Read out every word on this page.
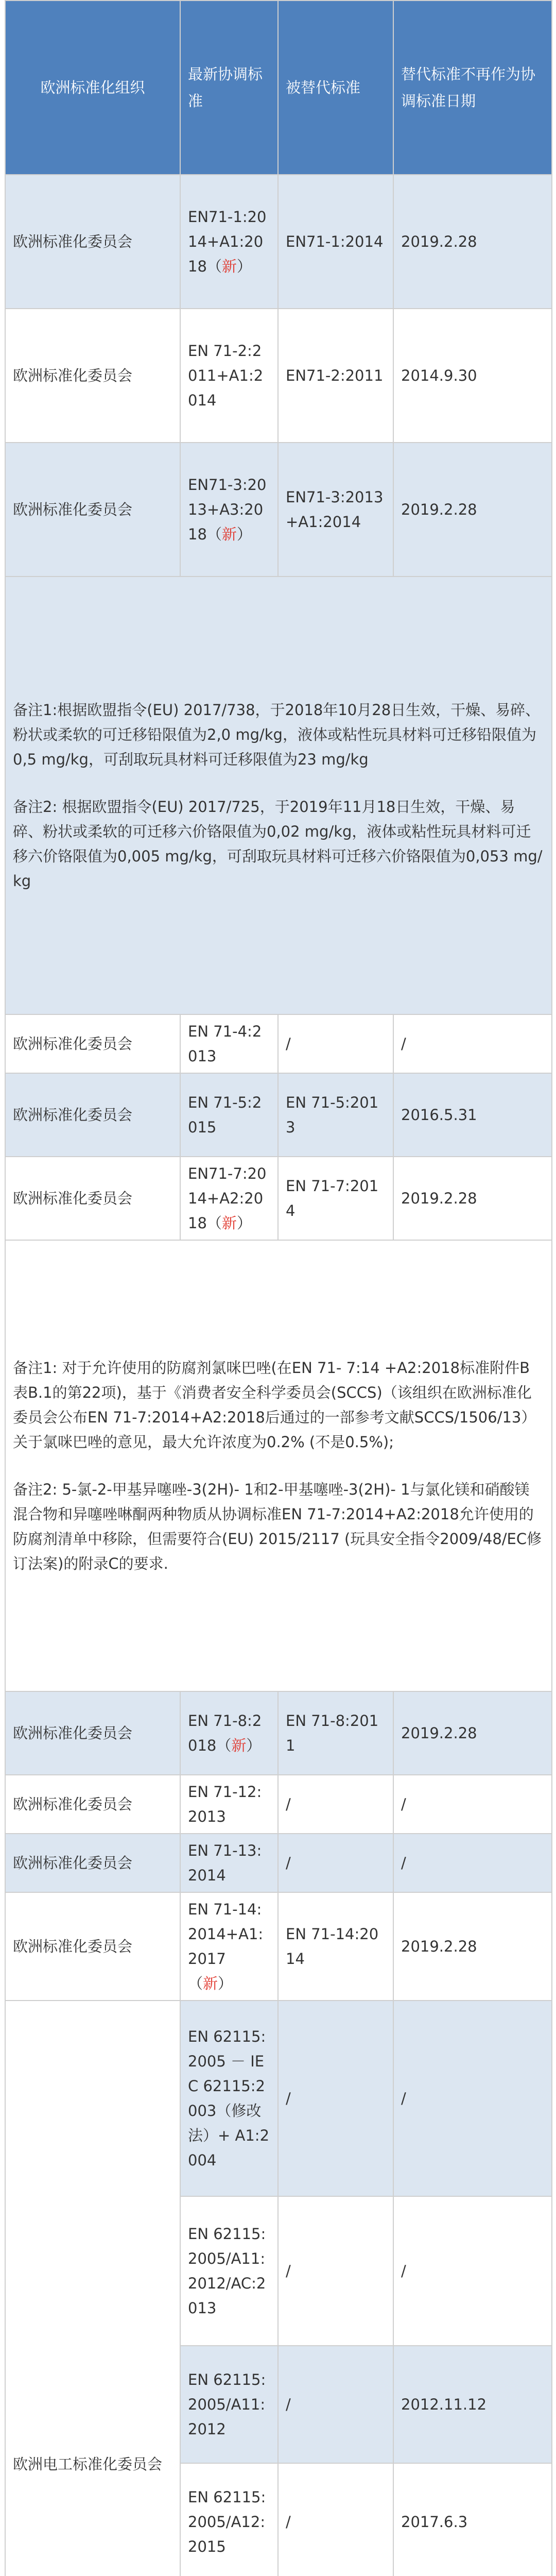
欧洲标准化组织	最新协调标准	被替代标准	替代标准不再作为协调标准日期
欧洲标准化委员会	EN71-1:2014+A1:2018（新）	EN71-1:2014	2019.2.28
欧洲标准化委员会	EN 71-2:2011+A1:2014	EN71-2:2011	2014.9.30
欧洲标准化委员会	EN71-3:2013+A3:2018（新）	EN71-3:2013+A1:2014	2019.2.28

备注1:根据欧盟指令(EU) 2017/738，于2018年10月28日生效，干燥、易碎、粉状或柔软的可迁移铅限值为2,0 mg/kg，液体或粘性玩具材料可迁移铅限值为0,5 mg/kg，可刮取玩具材料可迁移限值为23 mg/kg

备注2: 根据欧盟指令(EU) 2017/725，于2019年11月18日生效，干燥、易碎、粉状或柔软的可迁移六价铬限值为0,02 mg/kg，液体或粘性玩具材料可迁移六价铬限值为0,005 mg/kg，可刮取玩具材料可迁移六价铬限值为0,053 mg/kg			

欧洲标准化委员会	EN 71-4:2013	/	/
欧洲标准化委员会	EN 71-5:2015	EN 71-5:2013	2016.5.31
欧洲标准化委员会	EN71-7:2014+A2:2018（新）	EN 71-7:2014	2019.2.28

备注1: 对于允许使用的防腐剂氯咪巴唑(在EN 71- 7:14 +A2:2018标准附件B表B.1的第22项)，基于《消费者安全科学委员会(SCCS)（该组织在欧洲标准化委员会公布EN 71-7:2014+A2:2018后通过的一部参考文献SCCS/1506/13）关于氯咪巴唑的意见，最大允许浓度为0.2% (不是0.5%);

备注2: 5-氯-2-甲基异噻唑-3(2H)- 1和2-甲基噻唑-3(2H)- 1与氯化镁和硝酸镁混合物和异噻唑啉酮两种物质从协调标准EN 71-7:2014+A2:2018允许使用的防腐剂清单中移除，但需要符合(EU) 2015/2117 (玩具安全指令2009/48/EC修订法案)的附录C的要求.			

欧洲标准化委员会	EN 71-8:2018（新）	EN 71-8:2011	2019.2.28
欧洲标准化委员会	EN 71-12:2013	/	/
欧洲标准化委员会	EN 71-13:2014	/	/
欧洲标准化委员会	EN 71-14:2014+A1:2017（新）	EN 71-14:2014	2019.2.28
欧洲电工标准化委员会	EN 62115:2005 － IEC 62115:2003（修改法）+ A1:2004	/	/
	EN 62115:2005/A11:2012/AC:2013	/	/
	EN 62115:2005/A11:2012	/	2012.11.12
	EN 62115:2005/A12:2015	/	2017.6.3
